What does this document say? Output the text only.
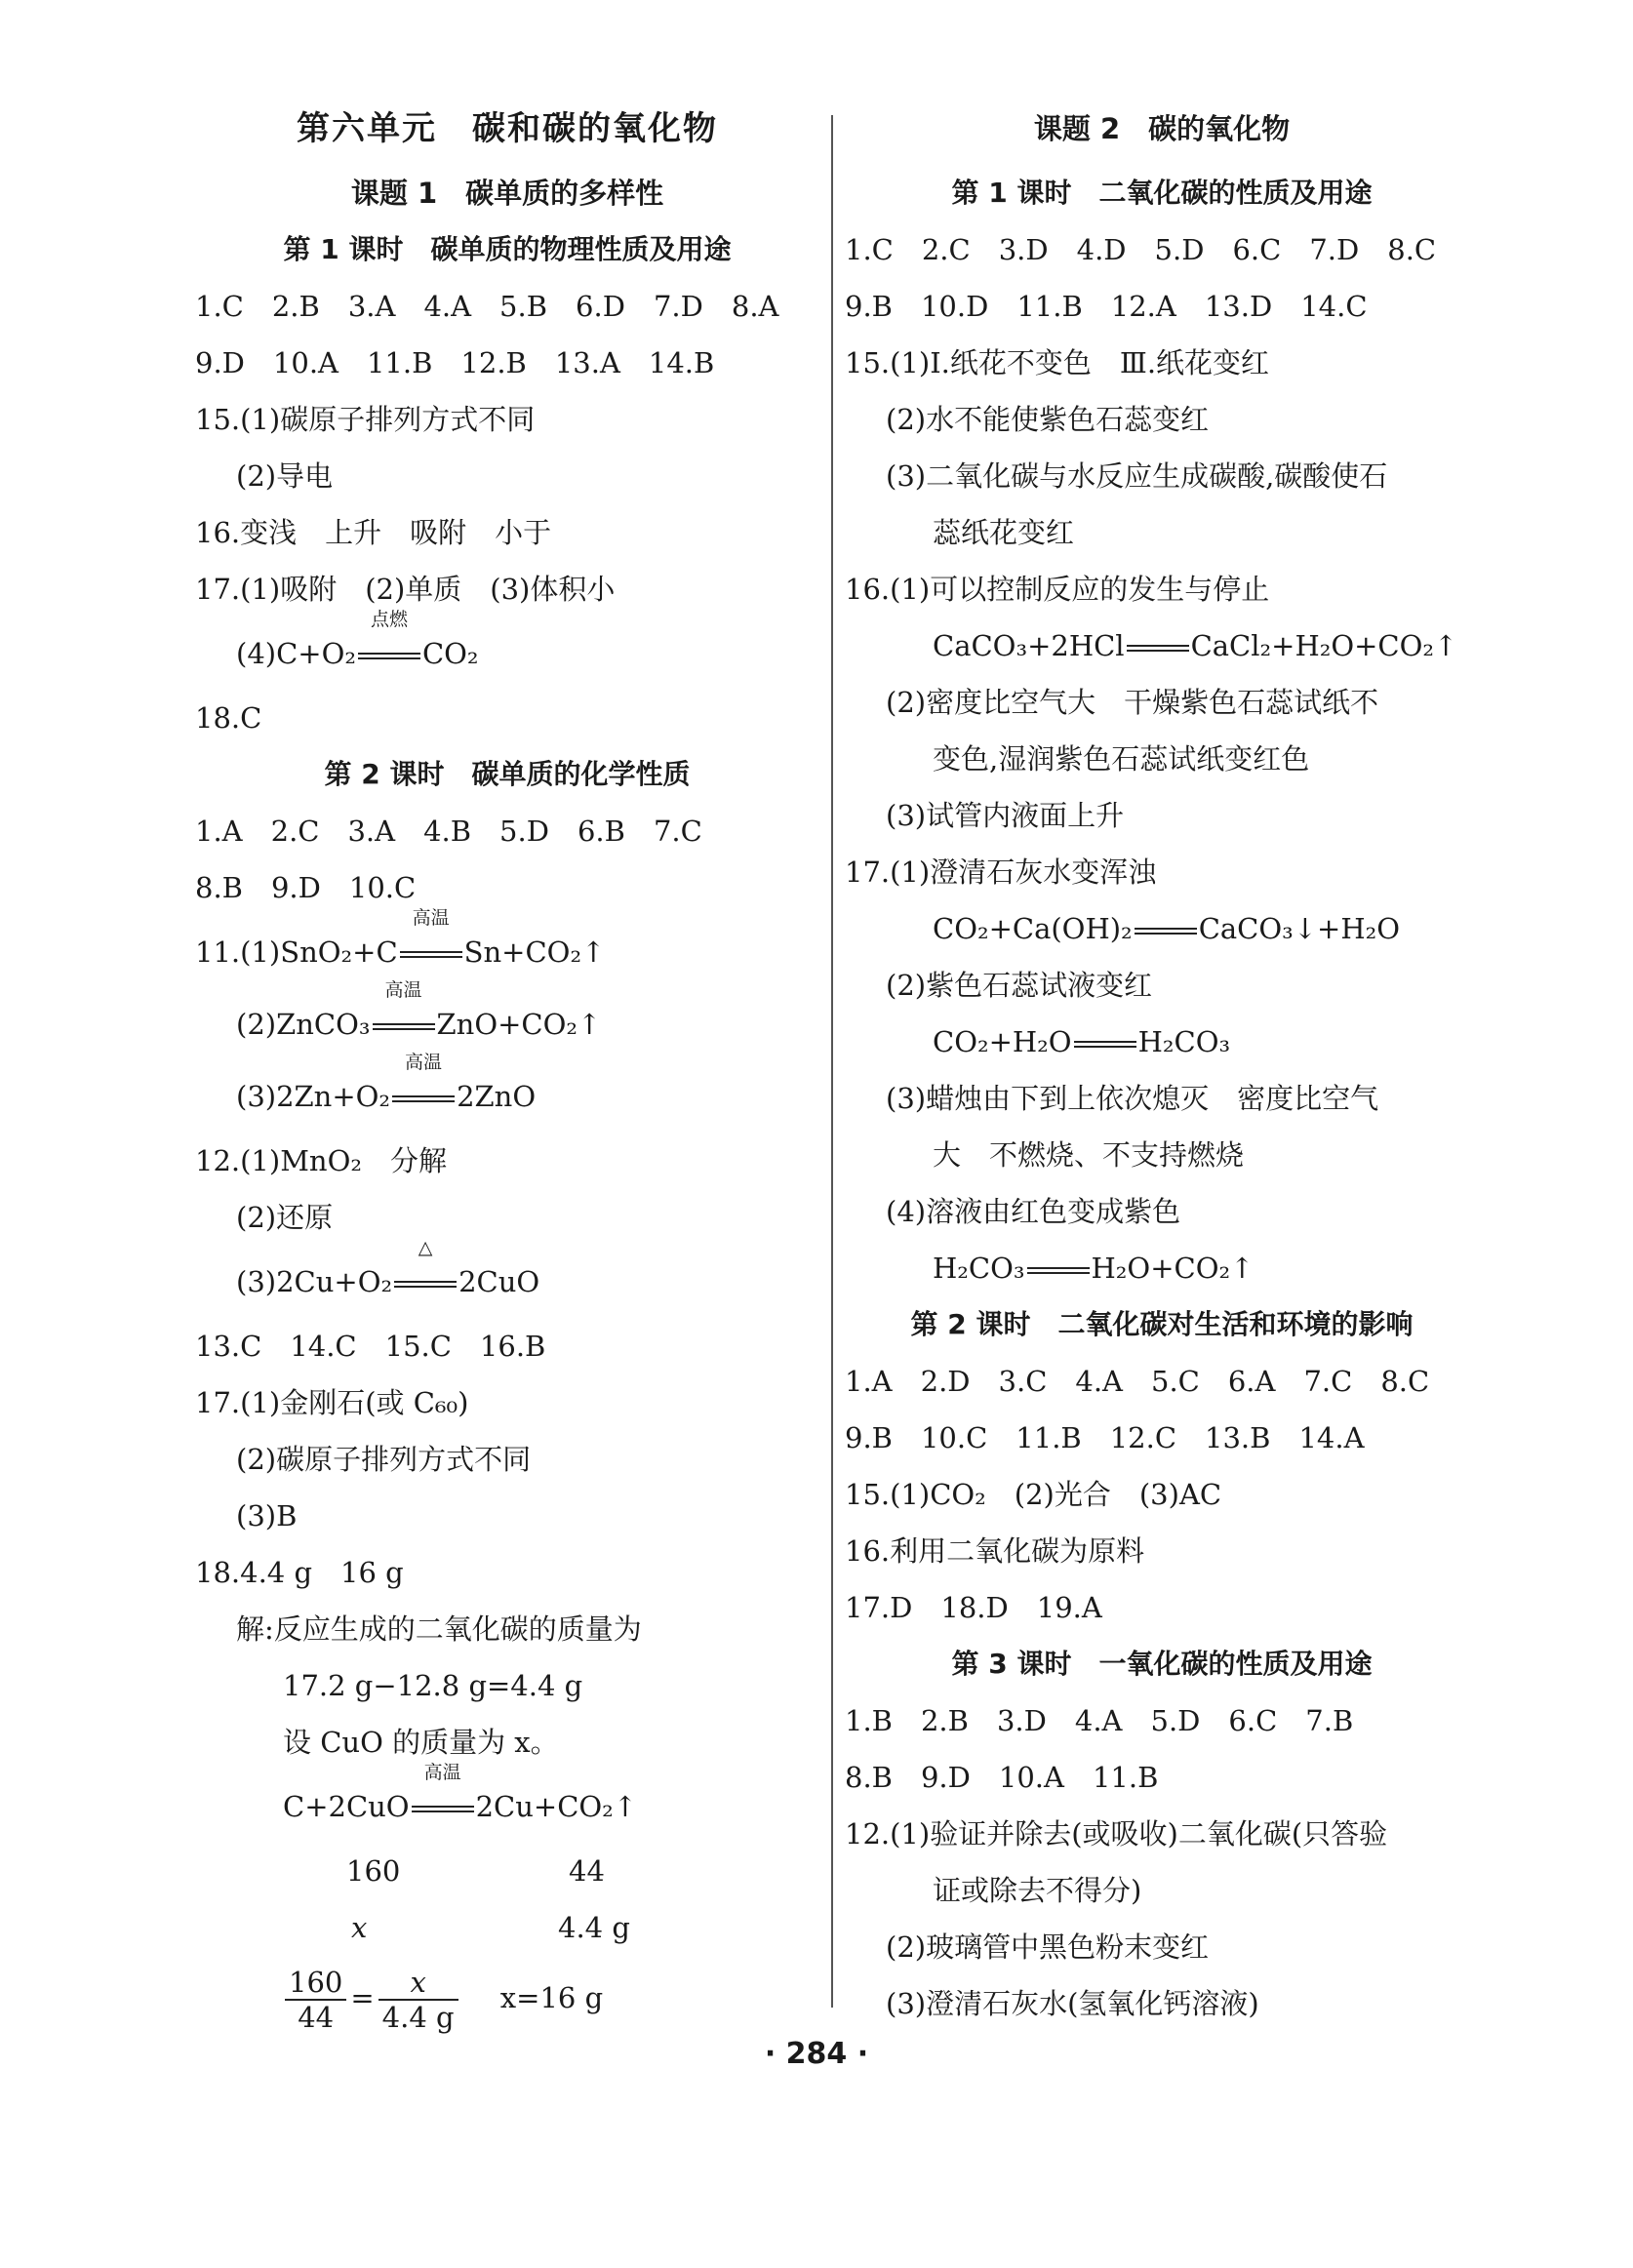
第六单元　碳和碳的氧化物
课题 1　碳单质的多样性
第 1 课时　碳单质的物理性质及用途
1.C　2.B　3.A　4.A　5.B　6.D　7.D　8.A
9.D　10.A　11.B　12.B　13.A　14.B
15.(1)碳原子排列方式不同
(2)导电
16.变浅　上升　吸附　小于
17.(1)吸附　(2)单质　(3)体积小
(4)C+O₂
点燃
CO₂
18.C
第 2 课时　碳单质的化学性质
1.A　2.C　3.A　4.B　5.D　6.B　7.C
8.B　9.D　10.C
11.(1)SnO₂+C
高温
Sn+CO₂↑
(2)ZnCO₃
高温
ZnO+CO₂↑
(3)2Zn+O₂
高温
2ZnO
12.(1)MnO₂　分解
(2)还原
(3)2Cu+O₂
△
2CuO
13.C　14.C　15.C　16.B
17.(1)金刚石(或 C₆₀)
(2)碳原子排列方式不同
(3)B
18.4.4 g　16 g
解:反应生成的二氧化碳的质量为
17.2 g−12.8 g=4.4 g
设 CuO 的质量为 x。
C+2CuO
高温
2Cu+CO₂↑
160	44
x	4.4 g
$\frac{160}{44} = \frac{x}{4.4 g} x=16$ g
课题 2　碳的氧化物
第 1 课时　二氧化碳的性质及用途
1.C　2.C　3.D　4.D　5.D　6.C　7.D　8.C
9.B　10.D　11.B　12.A　13.D　14.C
15.(1)Ⅰ.纸花不变色　Ⅲ.纸花变红
(2)水不能使紫色石蕊变红
(3)二氧化碳与水反应生成碳酸,碳酸使石
蕊纸花变红
16.(1)可以控制反应的发生与停止
CaCO₃+2HCl CaCl₂+H₂O+CO₂↑
(2)密度比空气大　干燥紫色石蕊试纸不
变色,湿润紫色石蕊试纸变红色
(3)试管内液面上升
17.(1)澄清石灰水变浑浊
CO₂+Ca(OH)₂ CaCO₃↓+H₂O
(2)紫色石蕊试液变红
CO₂+H₂O H₂CO₃
(3)蜡烛由下到上依次熄灭　密度比空气
大　不燃烧、不支持燃烧
(4)溶液由红色变成紫色
H₂CO₃ H₂O+CO₂↑
第 2 课时　二氧化碳对生活和环境的影响
1.A　2.D　3.C　4.A　5.C　6.A　7.C　8.C
9.B　10.C　11.B　12.C　13.B　14.A
15.(1)CO₂　(2)光合　(3)AC
16.利用二氧化碳为原料
17.D　18.D　19.A
第 3 课时　一氧化碳的性质及用途
1.B　2.B　3.D　4.A　5.D　6.C　7.B
8.B　9.D　10.A　11.B
12.(1)验证并除去(或吸收)二氧化碳(只答验
证或除去不得分)
(2)玻璃管中黑色粉末变红
(3)澄清石灰水(氢氧化钙溶液)
· 284 ·
